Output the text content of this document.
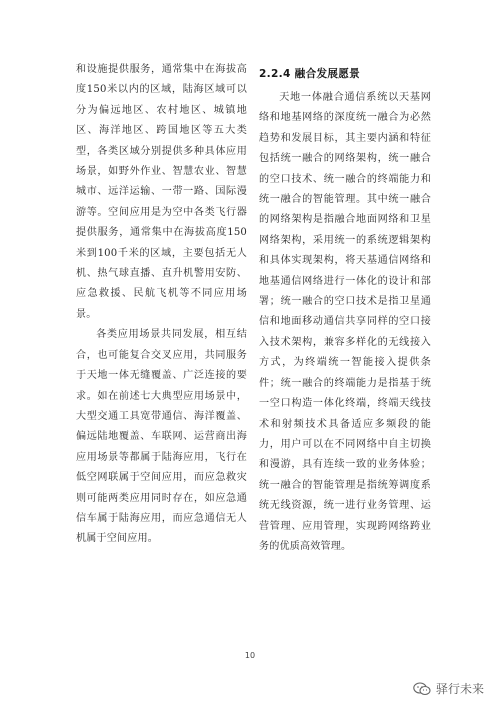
和设施提供服务，通常集中在海拔高度150米以内的区域，陆海区域可以分为偏远地区、农村地区、城镇地区、海洋地区、跨国地区等五大类型，各类区域分别提供多种具体应用场景，如野外作业、智慧农业、智慧城市、远洋运输、一带一路、国际漫游等。空间应用是为空中各类飞行器提供服务，通常集中在海拔高度150米到100千米的区域，主要包括无人机、热气球直播、直升机警用安防、应急救援、民航飞机等不同应用场景。

各类应用场景共同发展，相互结合，也可能复合交叉应用，共同服务于天地一体无缝覆盖、广泛连接的要求。如在前述七大典型应用场景中，大型交通工具宽带通信、海洋覆盖、偏远陆地覆盖、车联网、运营商出海应用场景等都属于陆海应用，飞行在低空网联属于空间应用，而应急救灾则可能两类应用同时存在，如应急通信车属于陆海应用，而应急通信无人机属于空间应用。

2.2.4 融合发展愿景

天地一体融合通信系统以天基网络和地基网络的深度统一融合为必然趋势和发展目标，其主要内涵和特征包括统一融合的网络架构，统一融合的空口技术、统一融合的终端能力和统一融合的智能管理。其中统一融合的网络架构是指融合地面网络和卫星网络架构，采用统一的系统逻辑架构和具体实现架构，将天基通信网络和地基通信网络进行一体化的设计和部署；统一融合的空口技术是指卫星通信和地面移动通信共享同样的空口接入技术架构，兼容多样化的无线接入方式，为终端统一智能接入提供条件；统一融合的终端能力是指基于统一空口构造一体化终端，终端天线技术和射频技术具备适应多频段的能力，用户可以在不同网络中自主切换和漫游，具有连续一致的业务体验；统一融合的智能管理是指统筹调度系统无线资源，统一进行业务管理、运营管理、应用管理，实现跨网络跨业务的优质高效管理。

10
驿行未来
